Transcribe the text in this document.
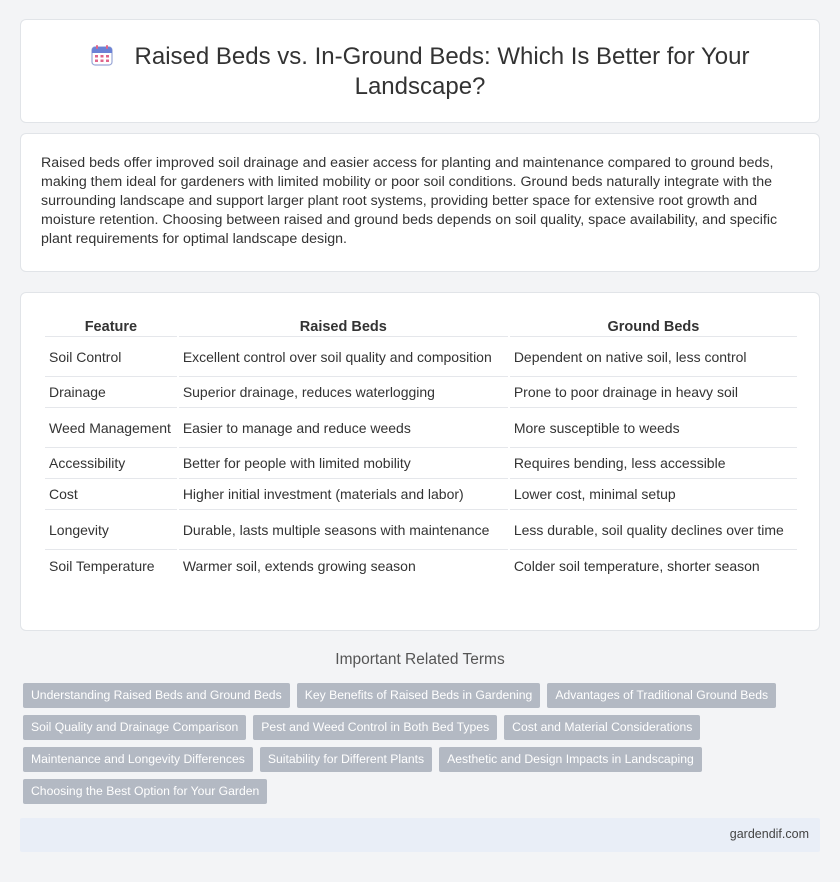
Raised Beds vs. In-Ground Beds: Which Is Better for Your Landscape?

Raised beds offer improved soil drainage and easier access for planting and maintenance compared to ground beds, making them ideal for gardeners with limited mobility or poor soil conditions. Ground beds naturally integrate with the surrounding landscape and support larger plant root systems, providing better space for extensive root growth and moisture retention. Choosing between raised and ground beds depends on soil quality, space availability, and specific plant requirements for optimal landscape design.

Feature	Raised Beds	Ground Beds
Soil Control	Excellent control over soil quality and composition	Dependent on native soil, less control
Drainage	Superior drainage, reduces waterlogging	Prone to poor drainage in heavy soil
Weed Management	Easier to manage and reduce weeds	More susceptible to weeds
Accessibility	Better for people with limited mobility	Requires bending, less accessible
Cost	Higher initial investment (materials and labor)	Lower cost, minimal setup
Longevity	Durable, lasts multiple seasons with maintenance	Less durable, soil quality declines over time
Soil Temperature	Warmer soil, extends growing season	Colder soil temperature, shorter season
Important Related Terms
Understanding Raised Beds and Ground Beds	Key Benefits of Raised Beds in Gardening	Advantages of Traditional Ground Beds
Soil Quality and Drainage Comparison	Pest and Weed Control in Both Bed Types	Cost and Material Considerations
Maintenance and Longevity Differences	Suitability for Different Plants	Aesthetic and Design Impacts in Landscaping
Choosing the Best Option for Your Garden
gardendif.com
